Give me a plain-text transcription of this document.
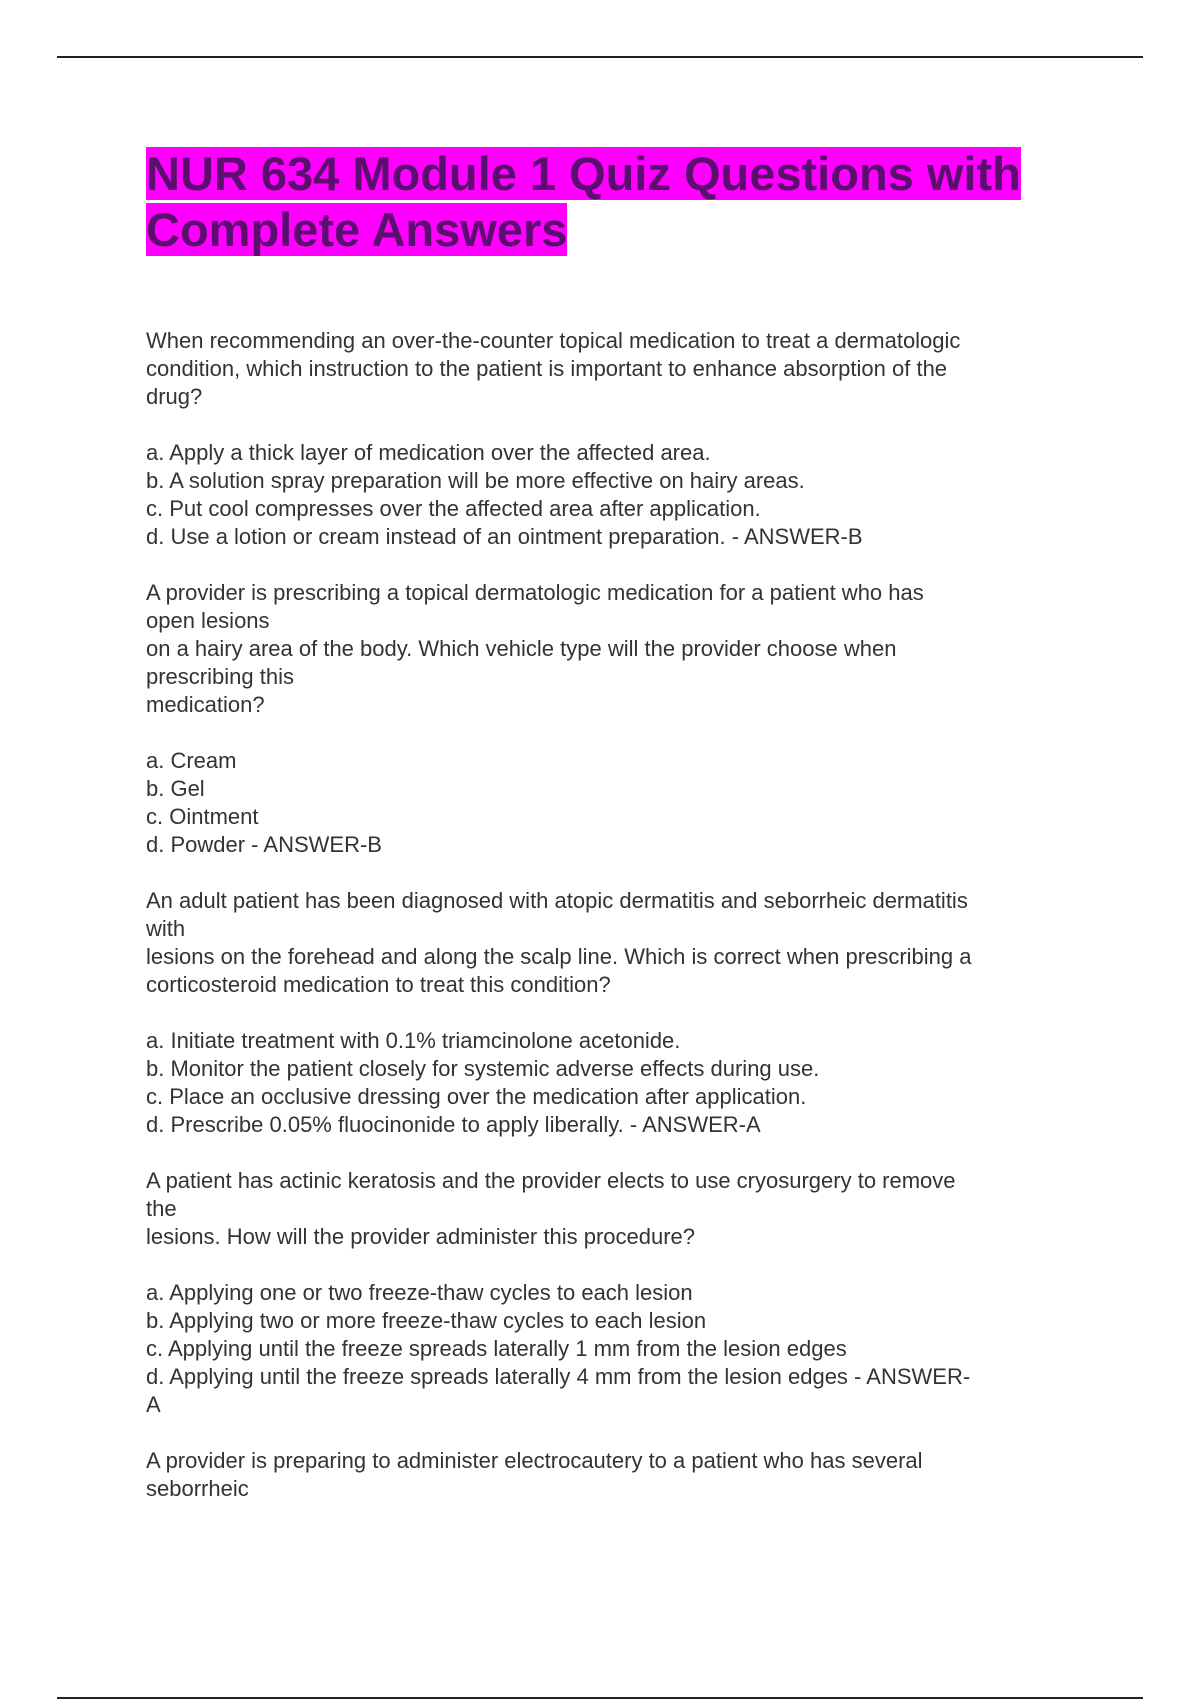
NUR 634 Module 1 Quiz Questions with
Complete Answers
When recommending an over-the-counter topical medication to treat a dermatologic
condition, which instruction to the patient is important to enhance absorption of the
drug?
a. Apply a thick layer of medication over the affected area.
b. A solution spray preparation will be more effective on hairy areas.
c. Put cool compresses over the affected area after application.
d. Use a lotion or cream instead of an ointment preparation. - ANSWER-B
A provider is prescribing a topical dermatologic medication for a patient who has
open lesions
on a hairy area of the body. Which vehicle type will the provider choose when
prescribing this
medication?
a. Cream
b. Gel
c. Ointment
d. Powder - ANSWER-B
An adult patient has been diagnosed with atopic dermatitis and seborrheic dermatitis
with
lesions on the forehead and along the scalp line. Which is correct when prescribing a
corticosteroid medication to treat this condition?
a. Initiate treatment with 0.1% triamcinolone acetonide.
b. Monitor the patient closely for systemic adverse effects during use.
c. Place an occlusive dressing over the medication after application.
d. Prescribe 0.05% fluocinonide to apply liberally. - ANSWER-A
A patient has actinic keratosis and the provider elects to use cryosurgery to remove
the
lesions. How will the provider administer this procedure?
a. Applying one or two freeze-thaw cycles to each lesion
b. Applying two or more freeze-thaw cycles to each lesion
c. Applying until the freeze spreads laterally 1 mm from the lesion edges
d. Applying until the freeze spreads laterally 4 mm from the lesion edges - ANSWER-
A
A provider is preparing to administer electrocautery to a patient who has several
seborrheic
